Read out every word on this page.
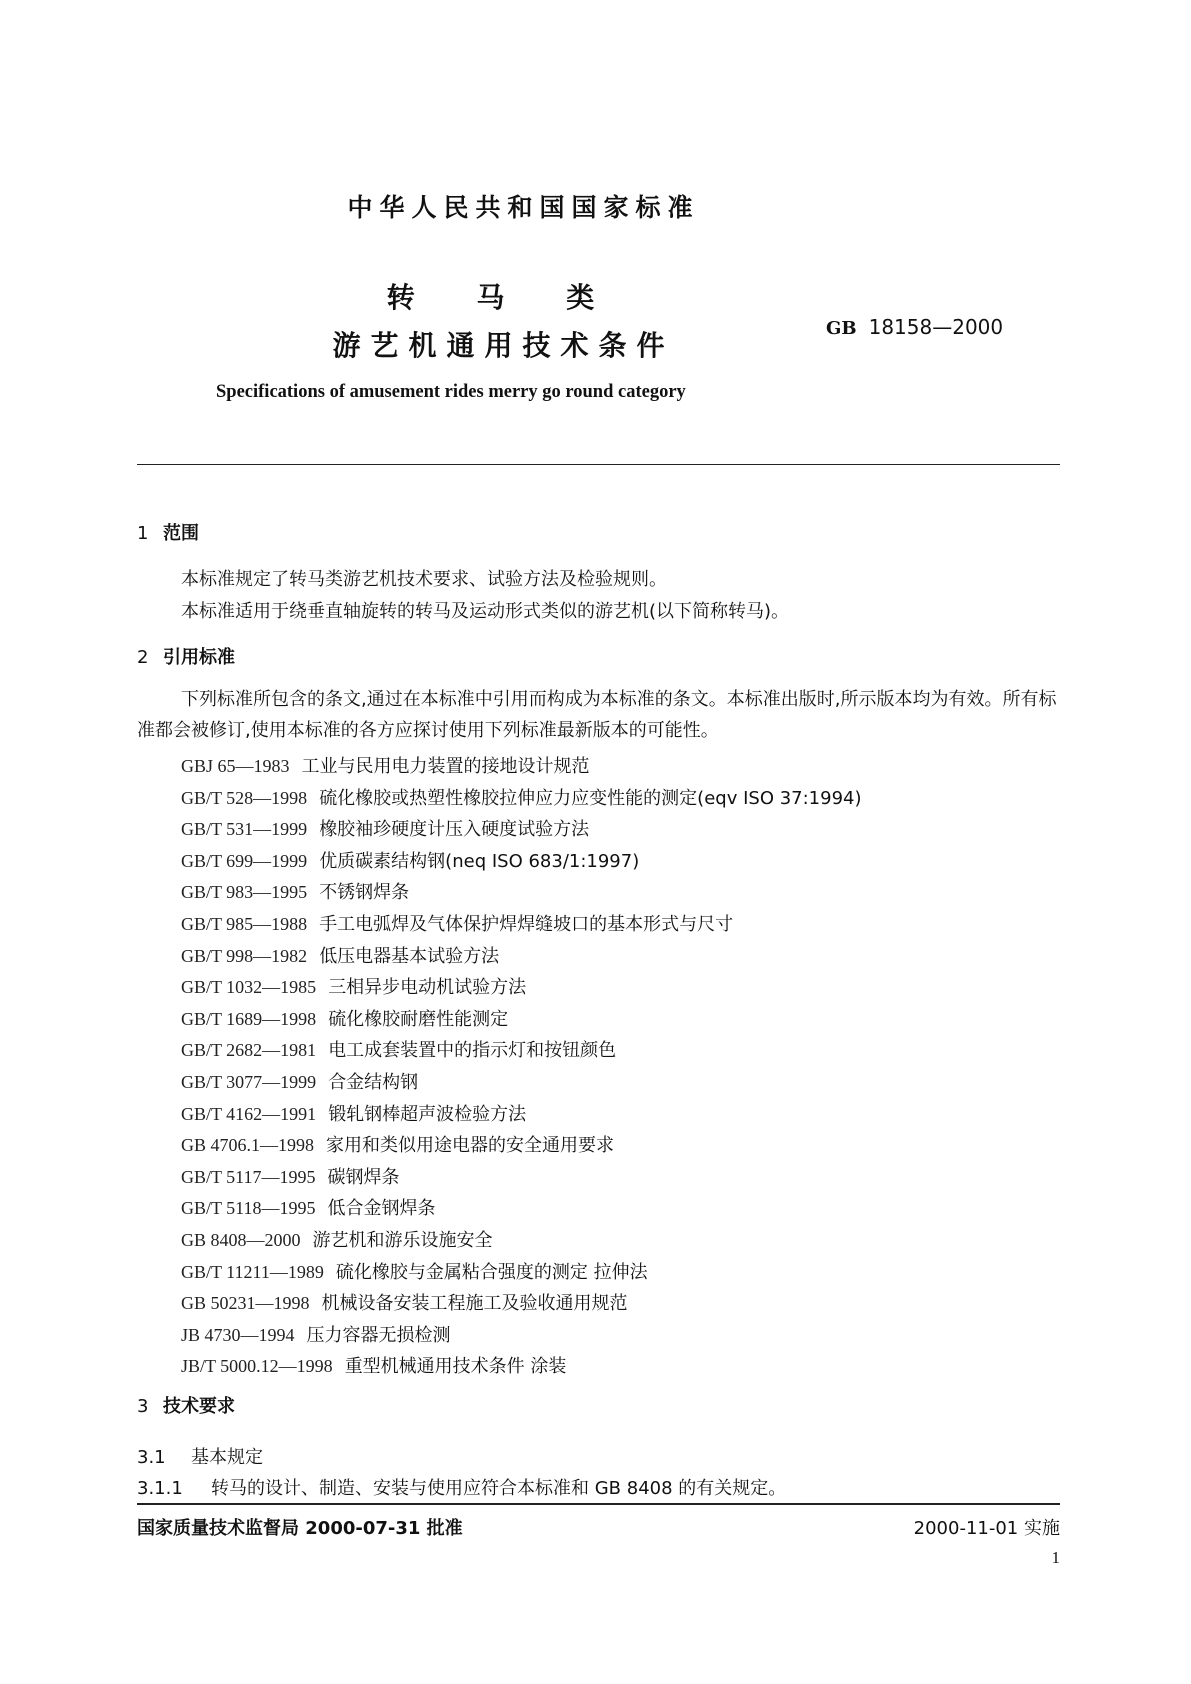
中华人民共和国国家标准
转 马 类
游艺机通用技术条件
GB 18158—2000
Specifications of amusement rides merry go round category
1 范围
本标准规定了转马类游艺机技术要求、试验方法及检验规则。
本标准适用于绕垂直轴旋转的转马及运动形式类似的游艺机(以下简称转马)。
2 引用标准
下列标准所包含的条文,通过在本标准中引用而构成为本标准的条文。本标准出版时,所示版本均为有效。所有标准都会被修订,使用本标准的各方应探讨使用下列标准最新版本的可能性。
GBJ 65—1983 工业与民用电力装置的接地设计规范
GB/T 528—1998 硫化橡胶或热塑性橡胶拉伸应力应变性能的测定(eqv ISO 37:1994)
GB/T 531—1999 橡胶袖珍硬度计压入硬度试验方法
GB/T 699—1999 优质碳素结构钢(neq ISO 683/1:1997)
GB/T 983—1995 不锈钢焊条
GB/T 985—1988 手工电弧焊及气体保护焊焊缝坡口的基本形式与尺寸
GB/T 998—1982 低压电器基本试验方法
GB/T 1032—1985 三相异步电动机试验方法
GB/T 1689—1998 硫化橡胶耐磨性能测定
GB/T 2682—1981 电工成套装置中的指示灯和按钮颜色
GB/T 3077—1999 合金结构钢
GB/T 4162—1991 锻轧钢棒超声波检验方法
GB 4706.1—1998 家用和类似用途电器的安全通用要求
GB/T 5117—1995 碳钢焊条
GB/T 5118—1995 低合金钢焊条
GB 8408—2000 游艺机和游乐设施安全
GB/T 11211—1989 硫化橡胶与金属粘合强度的测定 拉伸法
GB 50231—1998 机械设备安装工程施工及验收通用规范
JB 4730—1994 压力容器无损检测
JB/T 5000.12—1998 重型机械通用技术条件 涂装
3 技术要求
3.1 基本规定
3.1.1 转马的设计、制造、安装与使用应符合本标准和 GB 8408 的有关规定。
国家质量技术监督局 2000-07-31 批准	2000-11-01 实施
1
